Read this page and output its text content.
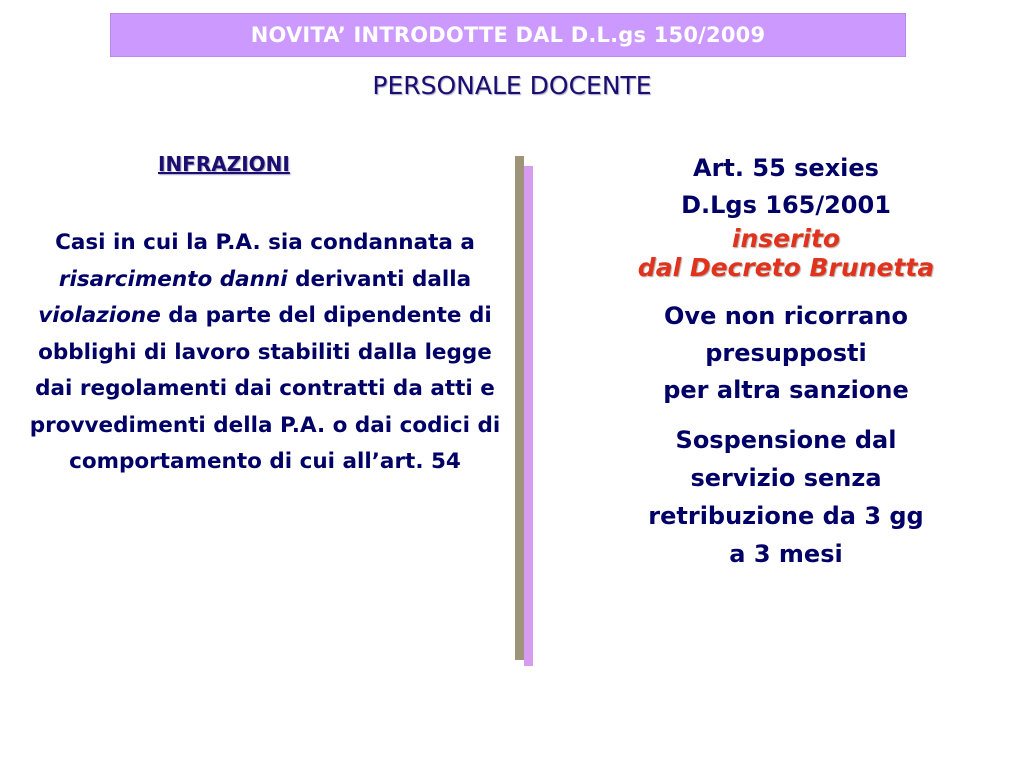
NOVITA’ INTRODOTTE DAL D.L.gs 150/2009
PERSONALE DOCENTE
INFRAZIONI

Casi in cui la P.A. sia condannata a risarcimento danni derivanti dalla violazione da parte del dipendente di obblighi di lavoro stabiliti dalla legge dai regolamenti dai contratti da atti e provvedimenti della P.A. o dai codici di comportamento di cui all’art. 54

Art. 55 sexies
D.Lgs 165/2001

inserito
dal Decreto Brunetta

Ove non ricorrano
presupposti
per altra sanzione

Sospensione dal
servizio senza
retribuzione da 3 gg
a 3 mesi
